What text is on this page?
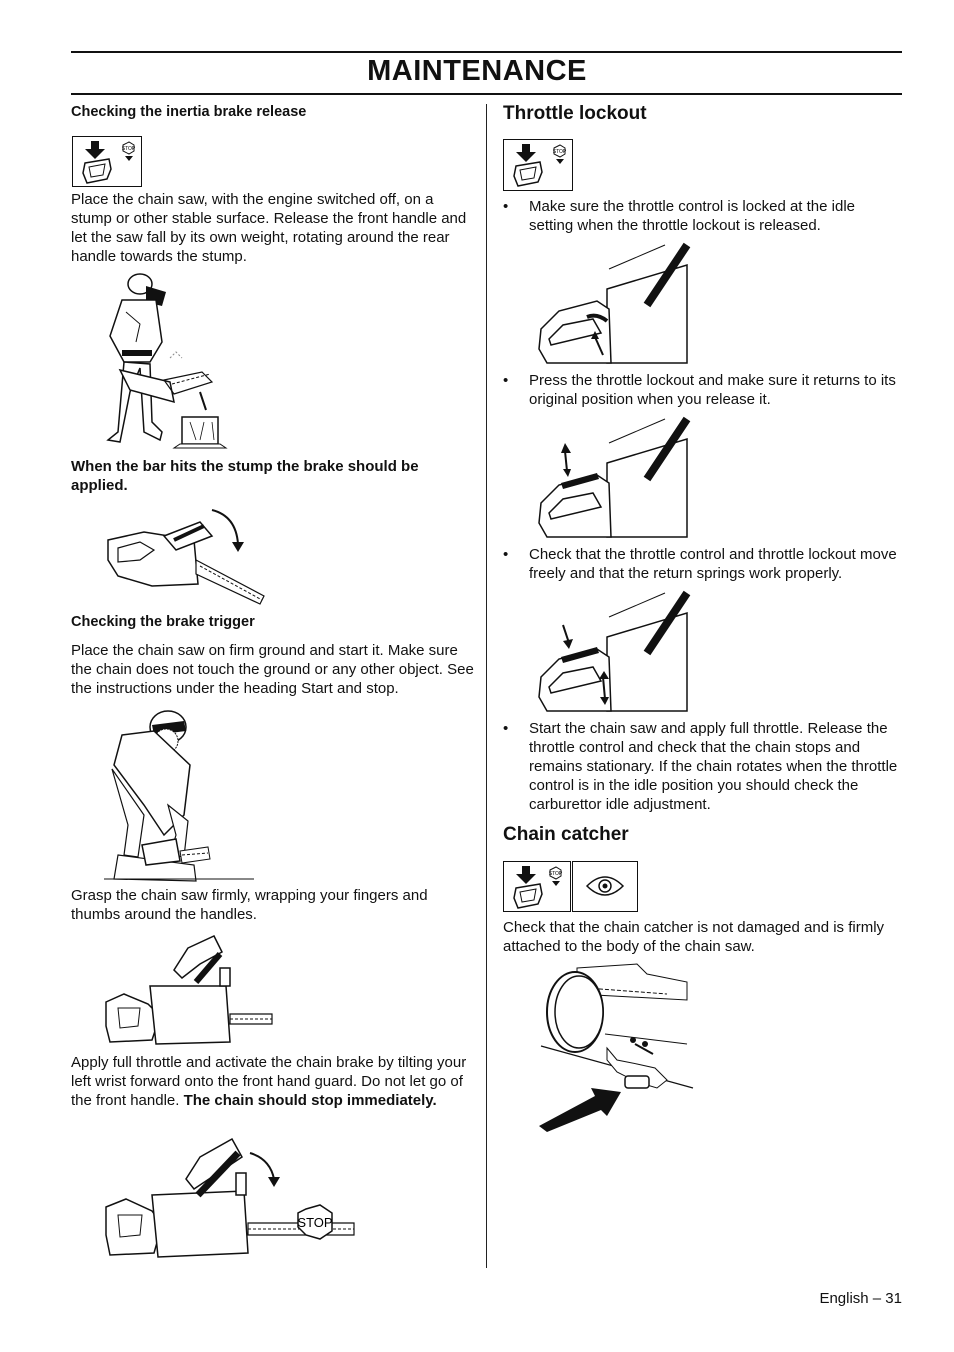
MAINTENANCE
Checking the inertia brake release
STOP
Place the chain saw, with the engine switched off, on a stump or other stable surface. Release the front handle and let the saw fall by its own weight, rotating around the rear handle towards the stump.
When the bar hits the stump the brake should be applied.
Checking the brake trigger
Place the chain saw on firm ground and start it. Make sure the chain does not touch the ground or any other object. See the instructions under the heading Start and stop.
Grasp the chain saw firmly, wrapping your fingers and thumbs around the handles.
Apply full throttle and activate the chain brake by tilting your left wrist forward onto the front hand guard. Do not let go of the front handle. The chain should stop immediately.
STOP
Throttle lockout
STOP
• Make sure the throttle control is locked at the idle setting when the throttle lockout is released.
• Press the throttle lockout and make sure it returns to its original position when you release it.
• Check that the throttle control and throttle lockout move freely and that the return springs work properly.
• Start the chain saw and apply full throttle. Release the throttle control and check that the chain stops and remains stationary. If the chain rotates when the throttle control is in the idle position you should check the carburettor idle adjustment.
Chain catcher
STOP
Check that the chain catcher is not damaged and is firmly attached to the body of the chain saw.
English – 31
